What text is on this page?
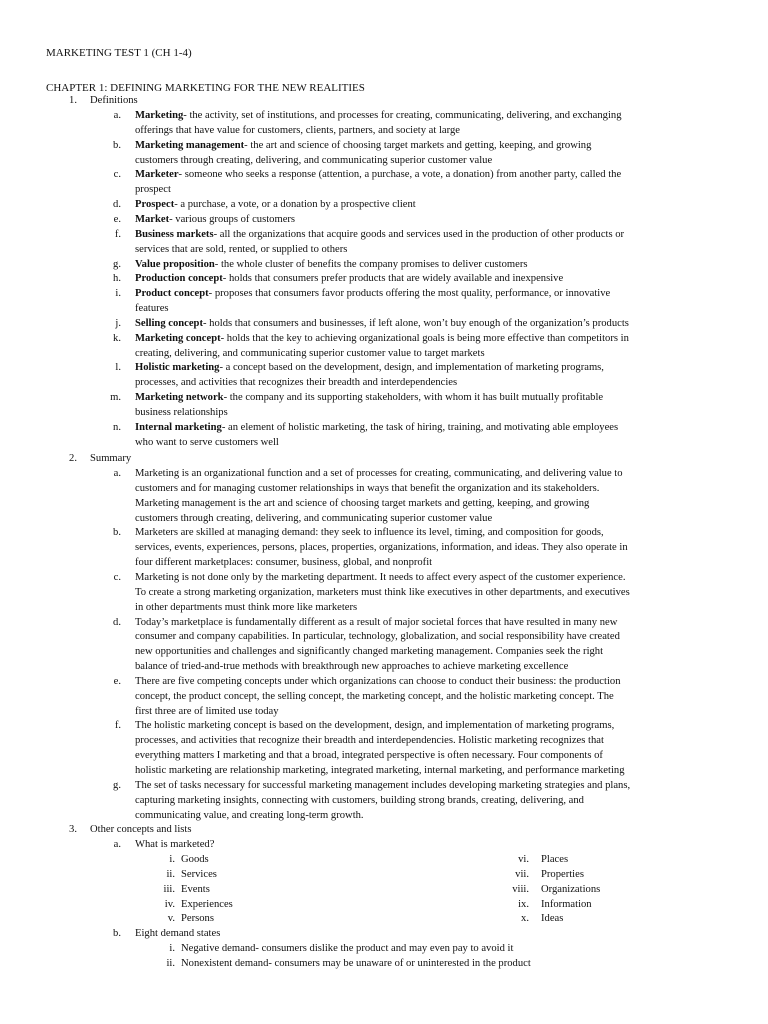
MARKETING TEST 1 (CH 1-4)
CHAPTER 1: DEFINING MARKETING FOR THE NEW REALITIES
1. Definitions
a. Marketing- the activity, set of institutions, and processes for creating, communicating, delivering, and exchanging
offerings that have value for customers, clients, partners, and society at large
b. Marketing management- the art and science of choosing target markets and getting, keeping, and growing
customers through creating, delivering, and communicating superior customer value
c. Marketer- someone who seeks a response (attention, a purchase, a vote, a donation) from another party, called the
prospect
d. Prospect- a purchase, a vote, or a donation by a prospective client
e. Market- various groups of customers
f. Business markets- all the organizations that acquire goods and services used in the production of other products or
services that are sold, rented, or supplied to others
g. Value proposition- the whole cluster of benefits the company promises to deliver customers
h. Production concept- holds that consumers prefer products that are widely available and inexpensive
i. Product concept- proposes that consumers favor products offering the most quality, performance, or innovative
features
j. Selling concept- holds that consumers and businesses, if left alone, won’t buy enough of the organization’s products
k. Marketing concept- holds that the key to achieving organizational goals is being more effective than competitors in
creating, delivering, and communicating superior customer value to target markets
l. Holistic marketing- a concept based on the development, design, and implementation of marketing programs,
processes, and activities that recognizes their breadth and interdependencies
m. Marketing network- the company and its supporting stakeholders, with whom it has built mutually profitable
business relationships
n. Internal marketing- an element of holistic marketing, the task of hiring, training, and motivating able employees
who want to serve customers well
2. Summary
a. Marketing is an organizational function and a set of processes for creating, communicating, and delivering value to
customers and for managing customer relationships in ways that benefit the organization and its stakeholders.
Marketing management is the art and science of choosing target markets and getting, keeping, and growing
customers through creating, delivering, and communicating superior customer value
b. Marketers are skilled at managing demand: they seek to influence its level, timing, and composition for goods,
services, events, experiences, persons, places, properties, organizations, information, and ideas. They also operate in
four different marketplaces: consumer, business, global, and nonprofit
c. Marketing is not done only by the marketing department. It needs to affect every aspect of the customer experience.
To create a strong marketing organization, marketers must think like executives in other departments, and executives
in other departments must think more like marketers
d. Today’s marketplace is fundamentally different as a result of major societal forces that have resulted in many new
consumer and company capabilities. In particular, technology, globalization, and social responsibility have created
new opportunities and challenges and significantly changed marketing management. Companies seek the right
balance of tried-and-true methods with breakthrough new approaches to achieve marketing excellence
e. There are five competing concepts under which organizations can choose to conduct their business: the production
concept, the product concept, the selling concept, the marketing concept, and the holistic marketing concept. The
first three are of limited use today
f. The holistic marketing concept is based on the development, design, and implementation of marketing programs,
processes, and activities that recognize their breadth and interdependencies. Holistic marketing recognizes that
everything matters I marketing and that a broad, integrated perspective is often necessary. Four components of
holistic marketing are relationship marketing, integrated marketing, internal marketing, and performance marketing
g. The set of tasks necessary for successful marketing management includes developing marketing strategies and plans,
capturing marketing insights, connecting with customers, building strong brands, creating, delivering, and
communicating value, and creating long-term growth.
3. Other concepts and lists
a. What is marketed?
i. Goods
ii. Services
iii. Events
iv. Experiences
v. Persons
vi. Places
vii. Properties
viii. Organizations
ix. Information
x. Ideas
b. Eight demand states
i. Negative demand- consumers dislike the product and may even pay to avoid it
ii. Nonexistent demand- consumers may be unaware of or uninterested in the product
